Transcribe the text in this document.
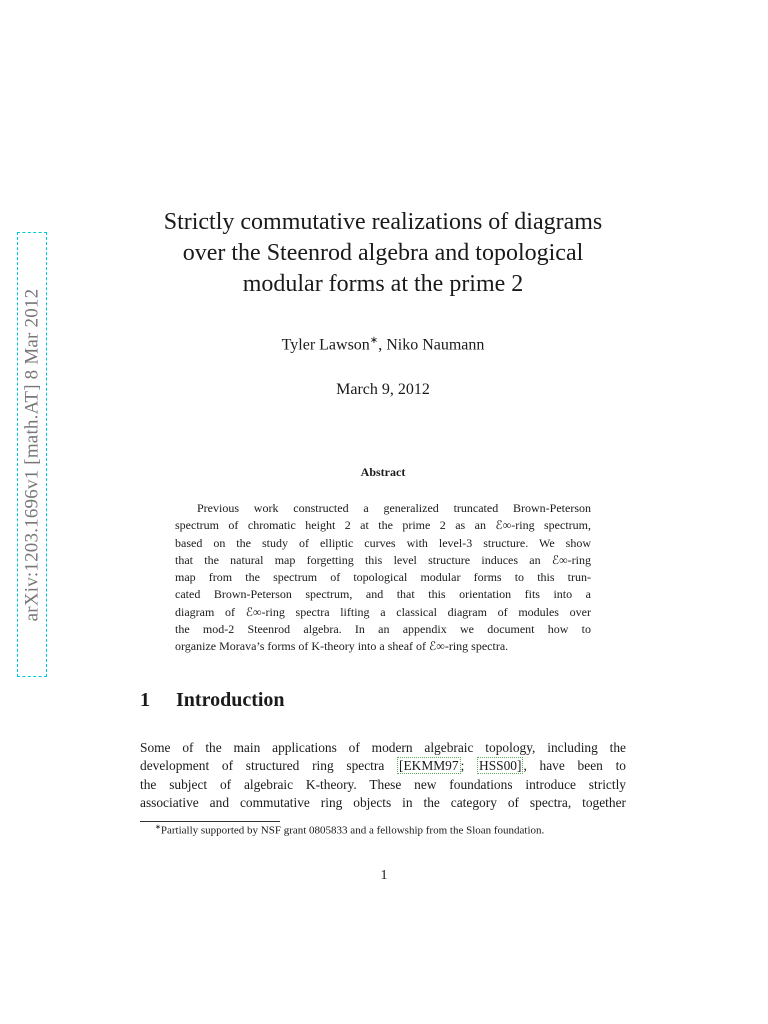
arXiv:1203.1696v1 [math.AT] 8 Mar 2012
Strictly commutative realizations of diagrams
over the Steenrod algebra and topological
modular forms at the prime 2
Tyler Lawson∗, Niko Naumann
March 9, 2012
Abstract
Previous work constructed a generalized truncated Brown-Peterson
spectrum of chromatic height 2 at the prime 2 as an ℰ∞-ring spectrum,
based on the study of elliptic curves with level-3 structure. We show
that the natural map forgetting this level structure induces an ℰ∞-ring
map from the spectrum of topological modular forms to this trun-
cated Brown-Peterson spectrum, and that this orientation fits into a
diagram of ℰ∞-ring spectra lifting a classical diagram of modules over
the mod-2 Steenrod algebra. In an appendix we document how to
organize Morava’s forms of K-theory into a sheaf of ℰ∞-ring spectra.
1 Introduction
Some of the main applications of modern algebraic topology, including the
development of structured ring spectra [EKMM97 ; HSS00] , have been to
the subject of algebraic K-theory. These new foundations introduce strictly
associative and commutative ring objects in the category of spectra, together
∗Partially supported by NSF grant 0805833 and a fellowship from the Sloan foundation.
1
